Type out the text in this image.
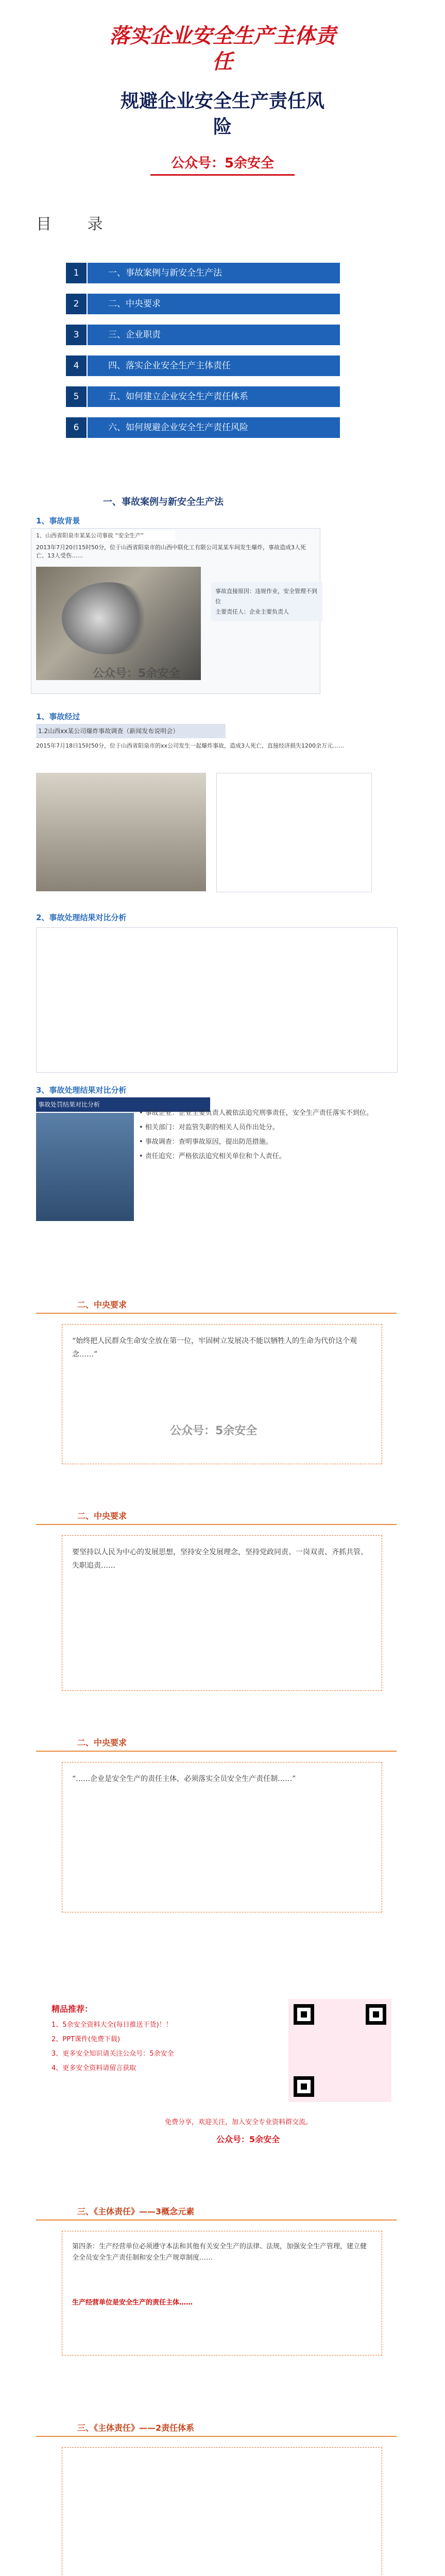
落实企业安全生产主体责
任
规避企业安全生产责任风
险
公众号：5余安全
目 录
1	一、事故案例与新安全生产法
2	二、中央要求
3	三、企业职责
4	四、落实企业安全生产主体责任
5	五、如何建立企业安全生产责任体系
6	六、如何规避企业安全生产责任风险
一、事故案例与新安全生产法
1、事故背景
1、山西省阳泉市某某公司事故 “安全生产”
2013年7月20日15时50分，位于山西省阳泉市的山西中联化工有限公司某某车间发生爆炸，事故造成3人死亡、13人受伤……
公众号：5余安全
事故直接原因：违规作业，安全管理不到位
主要责任人：企业主要负责人
1、事故经过
1.2山西xx某公司爆炸事故调查（新闻发布说明会）
2015年7月18日15时50分，位于山西省阳泉市的xx公司发生一起爆炸事故，造成3人死亡，直接经济损失1200余万元……
2、事故处理结果对比分析
3、事故处理结果对比分析
事故处罚结果对比分析
• 事故企业：企业主要负责人被依法追究刑事责任，安全生产责任落实不到位。
• 相关部门：对监管失职的相关人员作出处分。
• 事故调查：查明事故原因，提出防范措施。
• 责任追究：严格依法追究相关单位和个人责任。
二、中央要求
“始终把人民群众生命安全放在第一位，牢固树立发展决不能以牺牲人的生命为代价这个观念……”
公众号：5余安全
二、中央要求
要坚持以人民为中心的发展思想，坚持安全发展理念，坚持党政同责、一岗双责、齐抓共管、失职追责……
二、中央要求
“……企业是安全生产的责任主体，必须落实全员安全生产责任制……”
精品推荐：
1、5余安全资料大全(每日推送干货)！！
2、PPT课件(免费下载)
3、更多安全知识请关注公众号：5余安全
4、更多安全资料请留言获取
免费分享，欢迎关注，加入安全专业资料群交流。
公众号：5余安全
三、《主体责任》——3概念元素
第四条：生产经营单位必须遵守本法和其他有关安全生产的法律、法规，加强安全生产管理，建立健全全员安全生产责任制和安全生产规章制度……
生产经营单位是安全生产的责任主体……
三、《主体责任》——2责任体系
